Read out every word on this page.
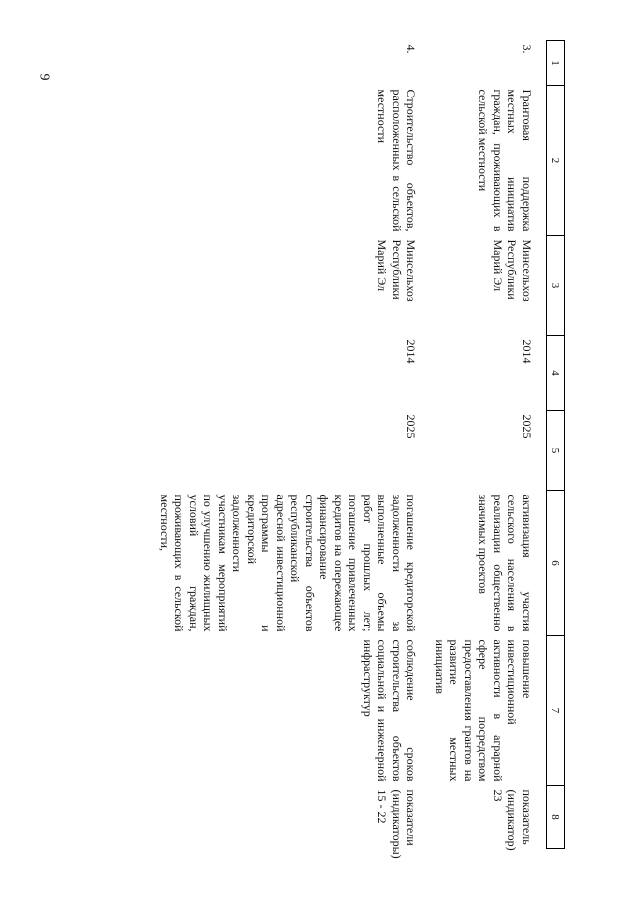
9
1	2	3	4	5	6	7	8
3.	Грантовая поддержка местных инициатив граждан, проживающих в сельской местности	Минсельхоз Республики Марий Эл	2014	2025	активизация участия сельского населения в реализации общественно значимых проектов	повышение инвестиционной активности в аграрной сфере посредством предоставления грантов на развитие местных инициатив	показатель (индикатор) 23
4.	Строительство объектов, расположенных в сельской местности	Минсельхоз Республики Марий Эл	2014	2025	погашение кредиторской задолженности за выполненные объемы работ прошлых лет; погашение привлеченных кредитов на опережающее финансирование строительства объектов республиканской адресной инвестиционной программы и кредиторской задолженности участникам мероприятий по улучшению жилищных условий граждан, проживающих в сельской местности,	соблюдение сроков строительства объектов социальной и инженерной инфраструктур	показатели (индикаторы) 15 - 22
